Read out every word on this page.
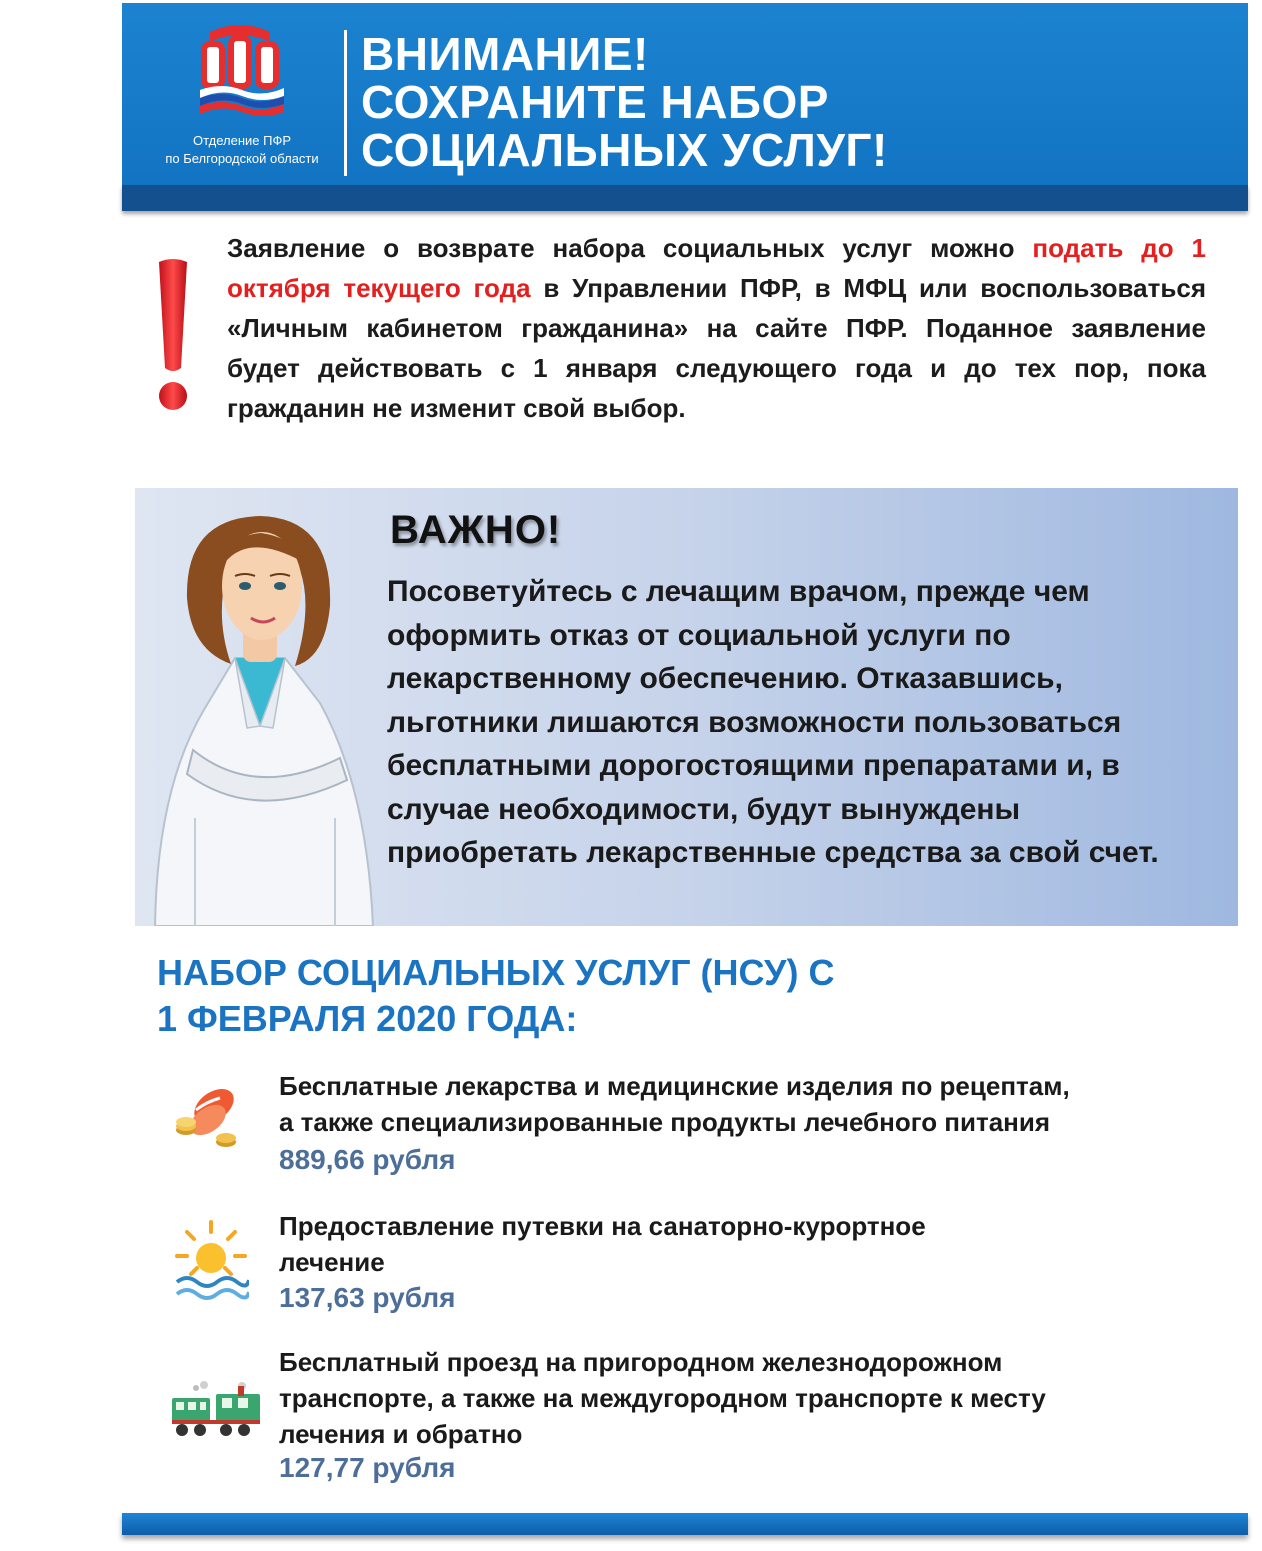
Отделение ПФР
по Белгородской области
ВНИМАНИЕ!
СОХРАНИТЕ НАБОР
СОЦИАЛЬНЫХ УСЛУГ!
Заявление о возврате набора социальных услуг можно подать до 1 октября текущего года в Управлении ПФР, в МФЦ или воспользоваться «Личным кабинетом гражданина» на сайте ПФР. Поданное заявление будет действовать с 1 января следующего года и до тех пор, пока гражданин не изменит свой выбор.
ВАЖНО!
Посоветуйтесь с лечащим врачом, прежде чем оформить отказ от социальной услуги по лекарственному обеспечению. Отказавшись, льготники лишаются возможности пользоваться бесплатными дорогостоящими препаратами и, в случае необходимости, будут вынуждены приобретать лекарственные средства за свой счет.
НАБОР СОЦИАЛЬНЫХ УСЛУГ (НСУ) С
1 ФЕВРАЛЯ 2020 ГОДА:
Бесплатные лекарства и медицинские изделия по рецептам,
а также специализированные продукты лечебного питания
889,66 рубля
Предоставление путевки на санаторно-курортное
лечение
137,63 рубля
Бесплатный проезд на пригородном железнодорожном
транспорте, а также на междугородном транспорте к месту
лечения и обратно
127,77 рубля
